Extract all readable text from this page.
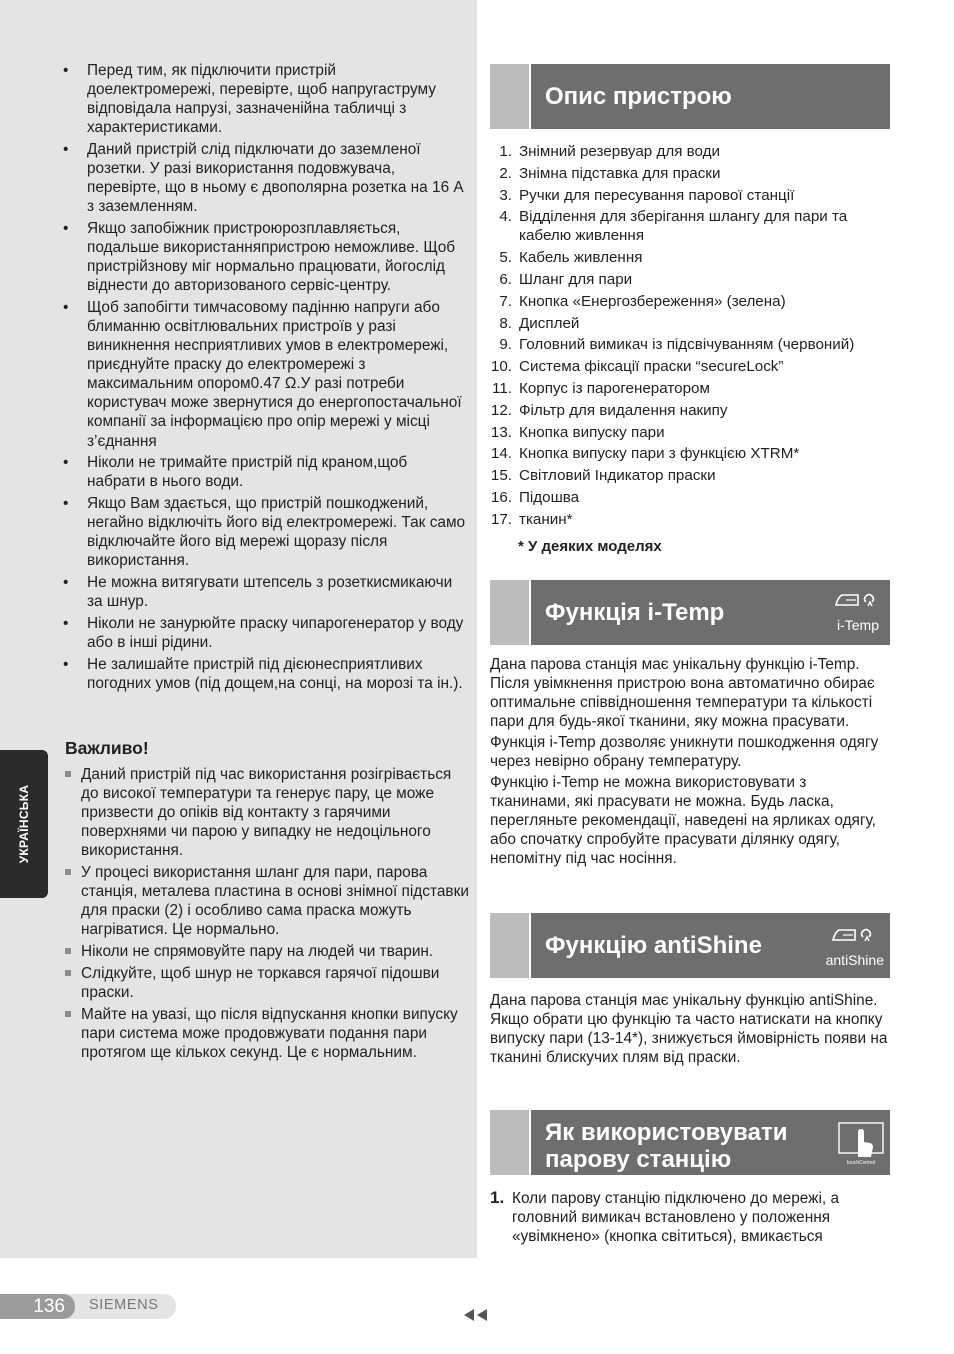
• Перед тим, як підключити пристрій доелектромережі, перевірте, щоб напругаструму відповідала напрузі, зазначенійна табличці з характеристиками.
• Даний пристрій слід підключати до заземленої розетки. У разі використання подовжувача, перевірте, що в ньому є двополярна розетка на 16 А з заземленням.
• Якщо запобіжник пристроюрозплавляється, подальше використанняпристрою неможливе. Щоб пристрійзнову міг нормально працювати, йогослід віднести до авторизованого сервіс-центру.
• Щоб запобігти тимчасовому падінню напруги або блиманню освітлювальних пристроїв у разі виникнення несприятливих умов в електромережі, приєднуйте праску до електромережі з максимальним опором0.47 Ω.У разі потреби користувач може звернутися до енергопостачальної компанії за інформацією про опір мережі у місці з’єднання
• Ніколи не тримайте пристрій під краном,щоб набрати в нього води.
• Якщо Вам здається, що пристрій пошкоджений, негайно відключіть його від електромережі. Так само відключайте його від мережі щоразу після використання.
• Не можна витягувати штепсель з розеткисмикаючи за шнур.
• Ніколи не занурюйте праску чипарогенератор у воду або в інші рідини.
• Не залишайте пристрій під дієюнесприятливих погодних умов (під дощем,на сонці, на морозі та ін.).
Важливо!
Даний пристрій під час використання розігрівається до високої температури та генерує пару, це може призвести до опіків від контакту з гарячими поверхнями чи парою у випадку не недоцільного використання.
У процесі використання шланг для пари, парова станція, металева пластина в основі знімної підставки для праски (2) і особливо сама праска можуть нагріватися. Це нормально.
Ніколи не спрямовуйте пару на людей чи тварин.
Слідкуйте, щоб шнур не торкався гарячої підошви праски.
Майте на увазі, що після відпускання кнопки випуску пари система може продовжувати подання пари протягом ще кількох секунд. Це є нормальним.
УКРАЇНСЬКА
Опис пристрою
1. Знімний резервуар для води
2. Знімна підставка для праски
3. Ручки для пересування парової станції
4. Відділення для зберігання шлангу для пари та кабелю живлення
5. Кабель живлення
6. Шланг для пари
7. Кнопка «Енергозбереження» (зелена)
8. Дисплей
9. Головний вимикач із підсвічуванням (червоний)
10. Система фіксації праски “secureLock”
11. Корпус із парогенератором
12. Фільтр для видалення накипу
13. Кнопка випуску пари
14. Кнопка випуску пари з функцією XTRM*
15. Світловий Індикатор праски
16. Підошва
17. тканин*
* У деяких моделях
Функція i-Temp	i-Temp

Дана парова станція має унікальну функцію i-Temp. Після увімкнення пристрою вона автоматично обирає оптимальне співвідношення температури та кількості пари для будь-якої тканини, яку можна прасувати.

Функція i-Temp дозволяє уникнути пошкодження одягу через невірно обрану температуру.

Функцію i-Temp не можна використовувати з тканинами, які прасувати не можна. Будь ласка, перегляньте рекомендації, наведені на ярликах одягу, або спочатку спробуйте прасувати ділянку одягу, непомітну під час носіння.

Функцію antiShine
antiShine

Дана парова станція має унікальну функцію antiShine. Якщо обрати цю функцію та часто натискати на кнопку випуску пари (13-14*), знижується ймовірність появи на тканині блискучих плям від праски.

Як використовувати
парову станцію	touchControl
1. Коли парову станцію підключено до мережі, а головний вимикач встановлено у положення «увімкнено» (кнопка світиться), вмикається
136	SIEMENS
